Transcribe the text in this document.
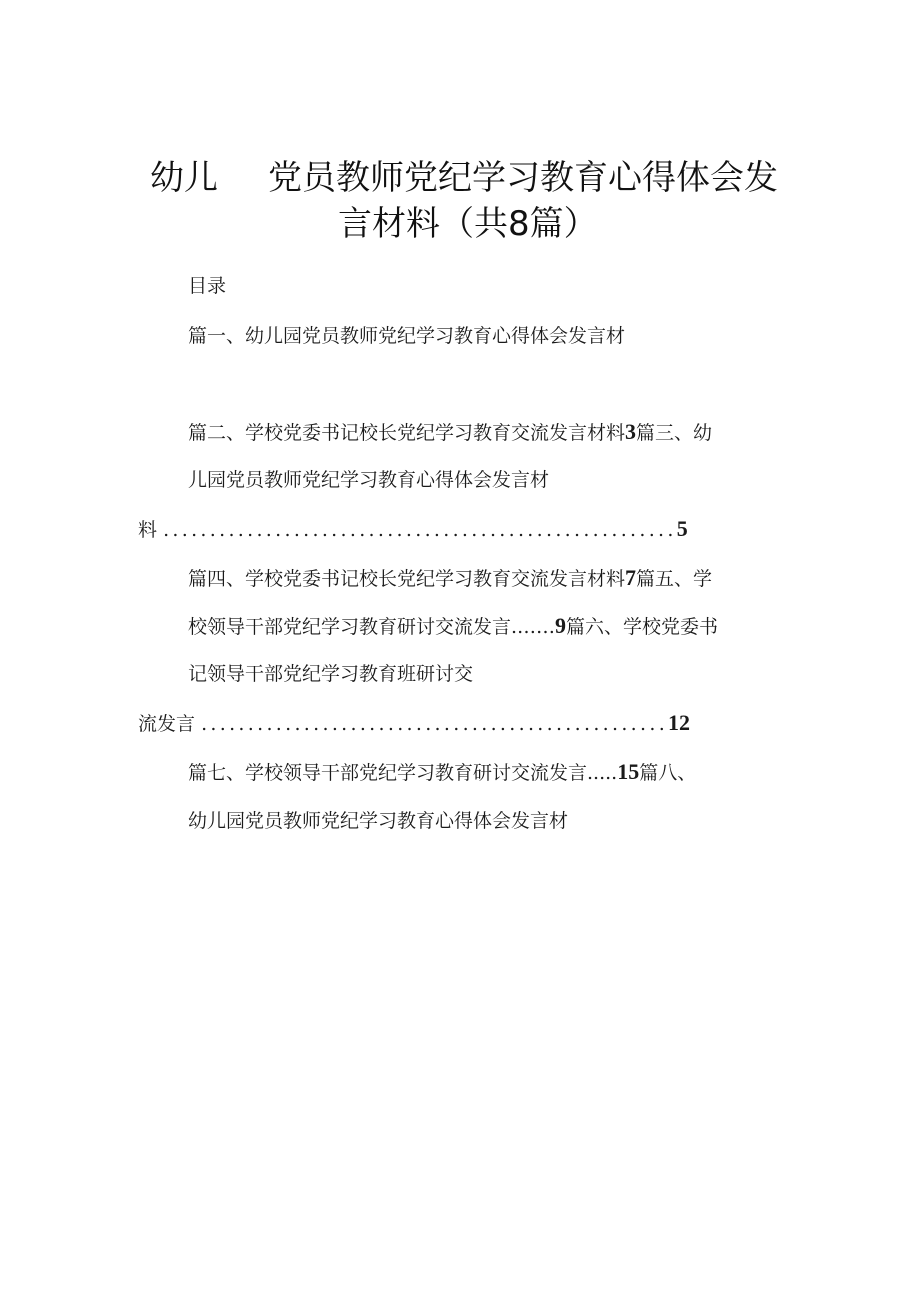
幼儿 党员教师党纪学习教育心得体会发
言材料（共8篇）
目录
篇一、幼儿园党员教师党纪学习教育心得体会发言材
篇二、学校党委书记校长党纪学习教育交流发言材料3篇三、幼
儿园党员教师党纪学习教育心得体会发言材
料 .......................................................5
篇四、学校党委书记校长党纪学习教育交流发言材料7篇五、学
校领导干部党纪学习教育研讨交流发言.……9篇六、学校党委书
记领导干部党纪学习教育班研讨交
流发言 ..................................................12
篇七、学校领导干部党纪学习教育研讨交流发言.....15篇八、
幼儿园党员教师党纪学习教育心得体会发言材
